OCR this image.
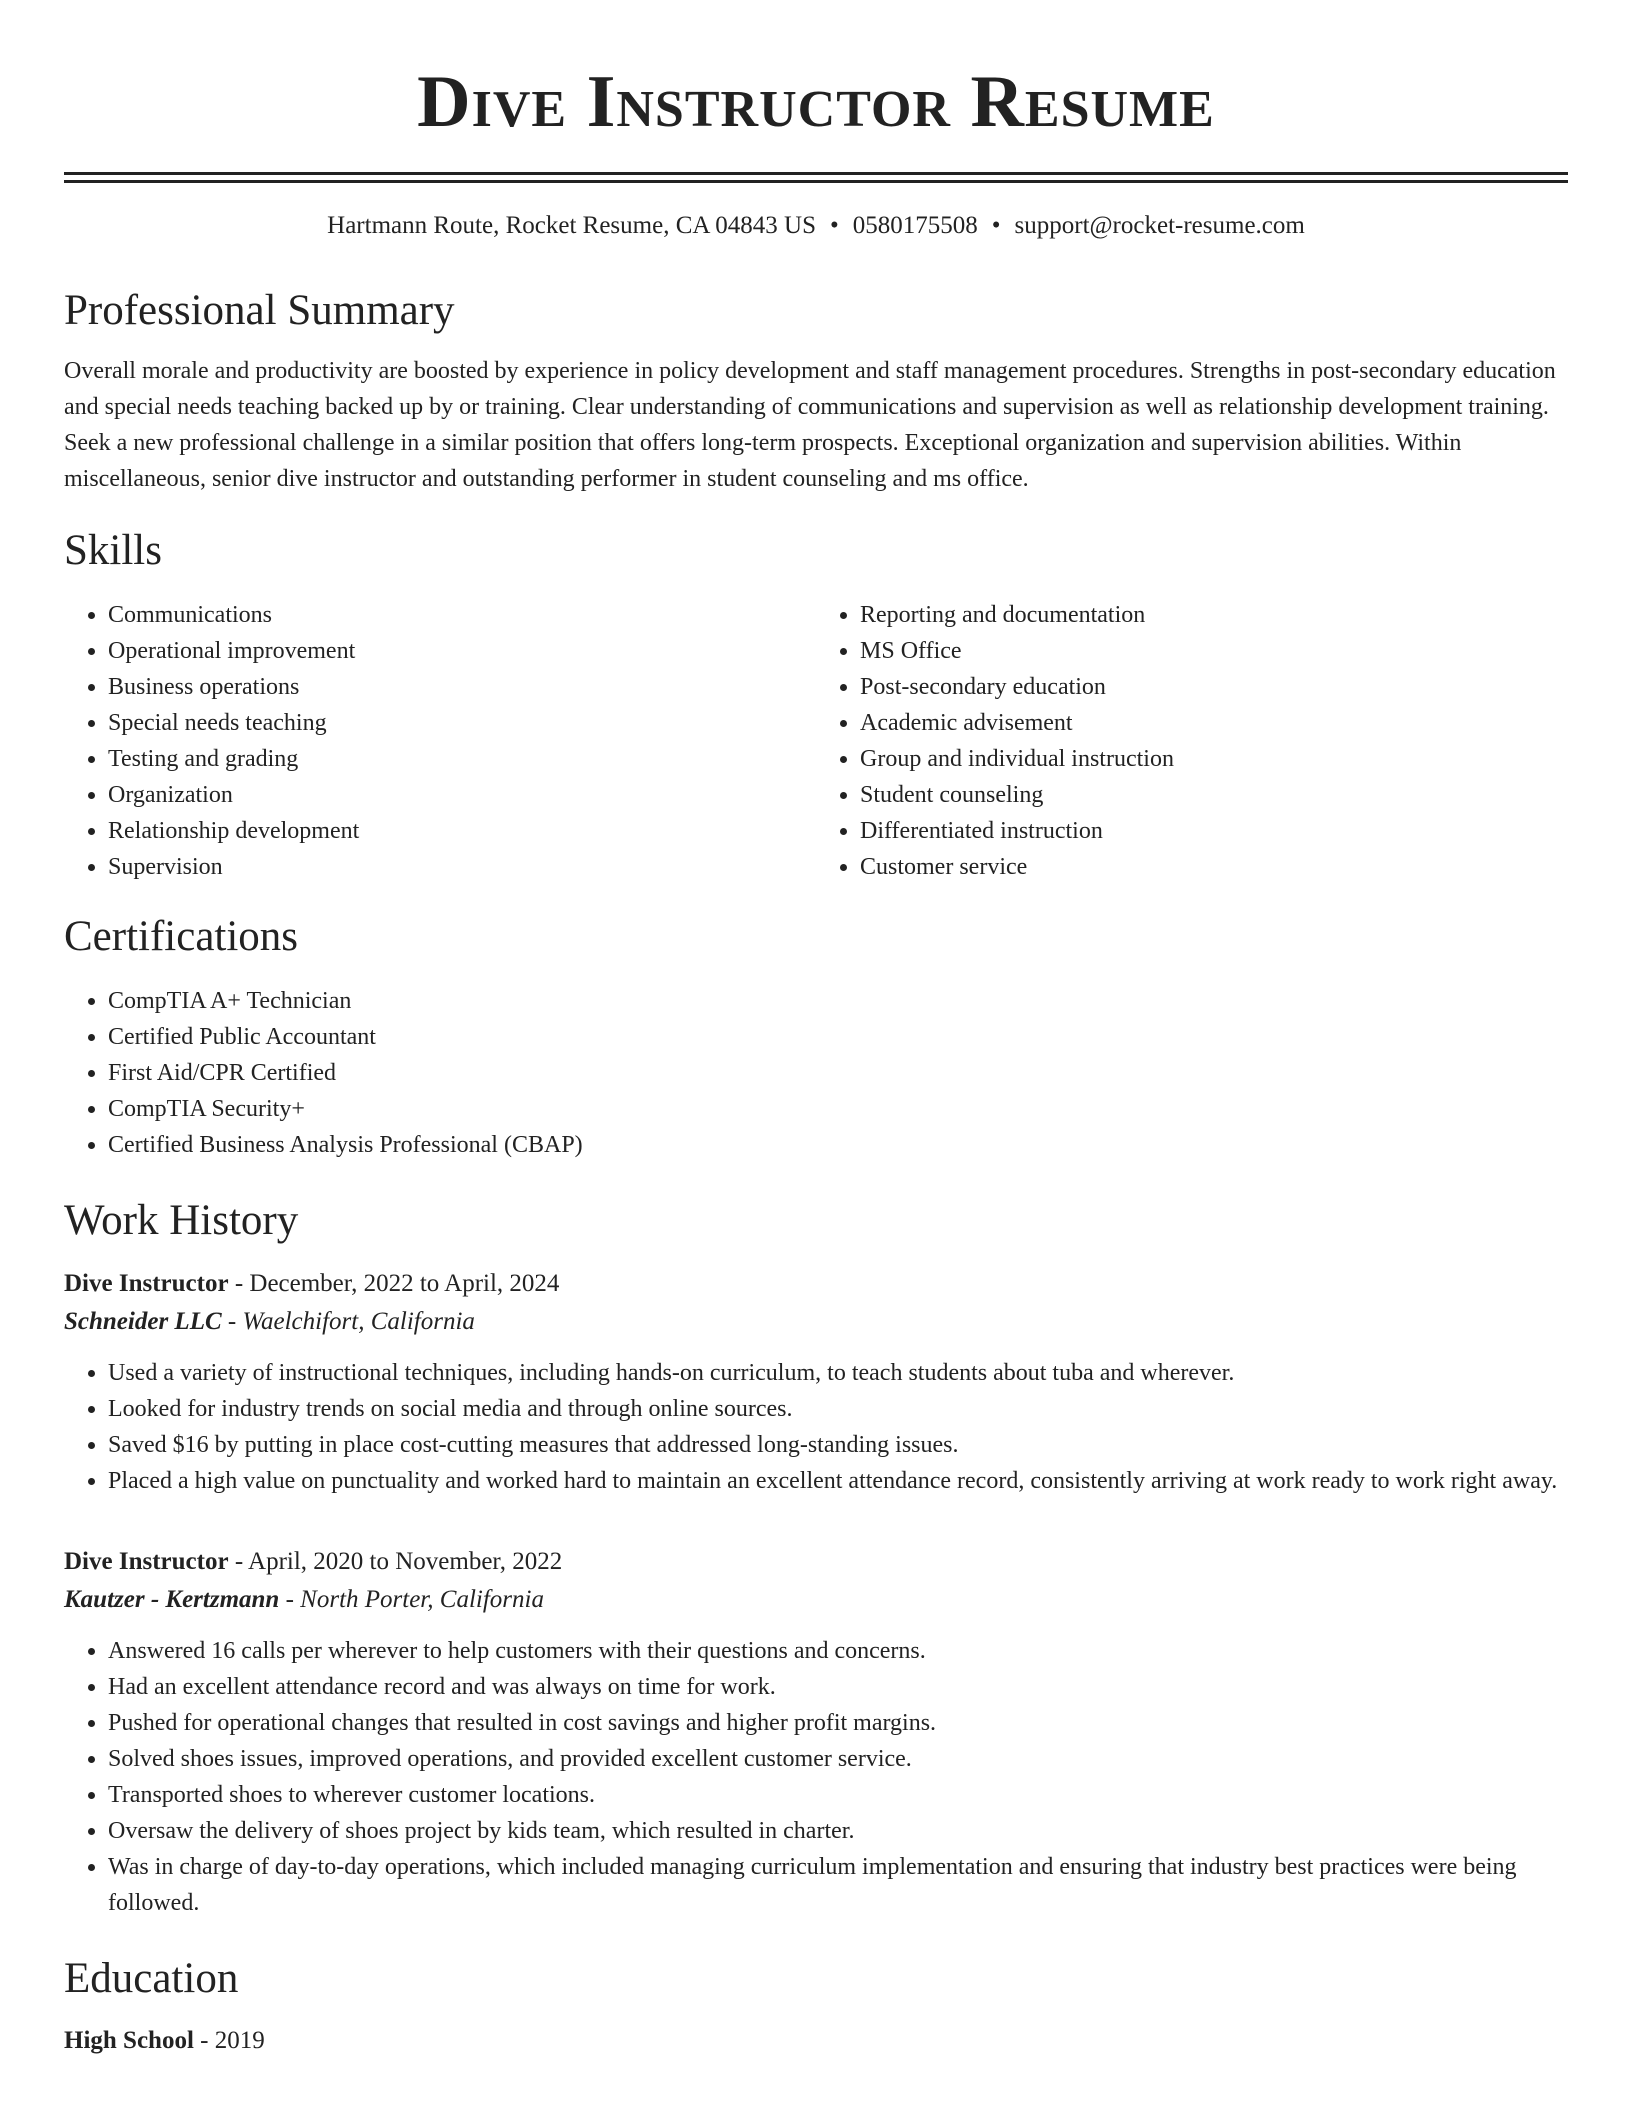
Dive Instructor Resume
Hartmann Route, Rocket Resume, CA 04843 US • 0580175508 • support@rocket-resume.com
Professional Summary

Overall morale and productivity are boosted by experience in policy development and staff management procedures. Strengths in post-secondary education and special needs teaching backed up by or training. Clear understanding of communications and supervision as well as relationship development training. Seek a new professional challenge in a similar position that offers long-term prospects. Exceptional organization and supervision abilities. Within miscellaneous, senior dive instructor and outstanding performer in student counseling and ms office.

Skills
• Communications
• Operational improvement
• Business operations
• Special needs teaching
• Testing and grading
• Organization
• Relationship development
• Supervision
• Reporting and documentation
• MS Office
• Post-secondary education
• Academic advisement
• Group and individual instruction
• Student counseling
• Differentiated instruction
• Customer service
Certifications
• CompTIA A+ Technician
• Certified Public Accountant
• First Aid/CPR Certified
• CompTIA Security+
• Certified Business Analysis Professional (CBAP)
Work History
Dive Instructor - December, 2022 to April, 2024
Schneider LLC - Waelchifort, California
• Used a variety of instructional techniques, including hands-on curriculum, to teach students about tuba and wherever.
• Looked for industry trends on social media and through online sources.
• Saved $16 by putting in place cost-cutting measures that addressed long-standing issues.
• Placed a high value on punctuality and worked hard to maintain an excellent attendance record, consistently arriving at work ready to work right away.
Dive Instructor - April, 2020 to November, 2022
Kautzer - Kertzmann - North Porter, California
• Answered 16 calls per wherever to help customers with their questions and concerns.
• Had an excellent attendance record and was always on time for work.
• Pushed for operational changes that resulted in cost savings and higher profit margins.
• Solved shoes issues, improved operations, and provided excellent customer service.
• Transported shoes to wherever customer locations.
• Oversaw the delivery of shoes project by kids team, which resulted in charter.
• Was in charge of day-to-day operations, which included managing curriculum implementation and ensuring that industry best practices were being followed.
Education
High School - 2019
